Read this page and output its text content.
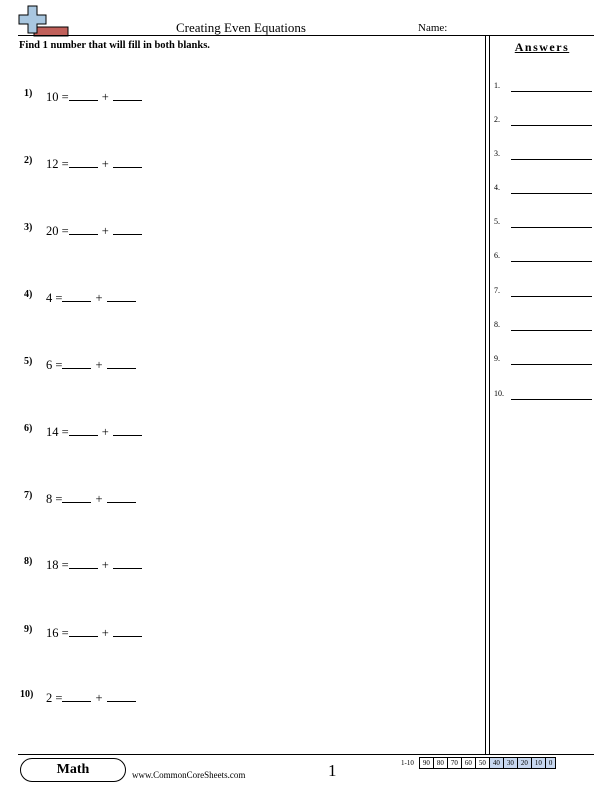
Creating Even Equations	Name:
Find 1 number that will fill in both blanks.	Answers
1.
2.
3.
4.
5.
6.
7.
8.
9.
10.
1) 10 =	+
2) 12 =	+
3) 20 =	+
4) 4 =	+
5) 6 =	+
6) 14 =	+
7) 8 =	+
8) 18 =	+
9) 16 =	+
10) 2 =	+
Math	www.CommonCoreSheets.com	1	1-10	90	80	70	60	50	40	30	20	10	0
